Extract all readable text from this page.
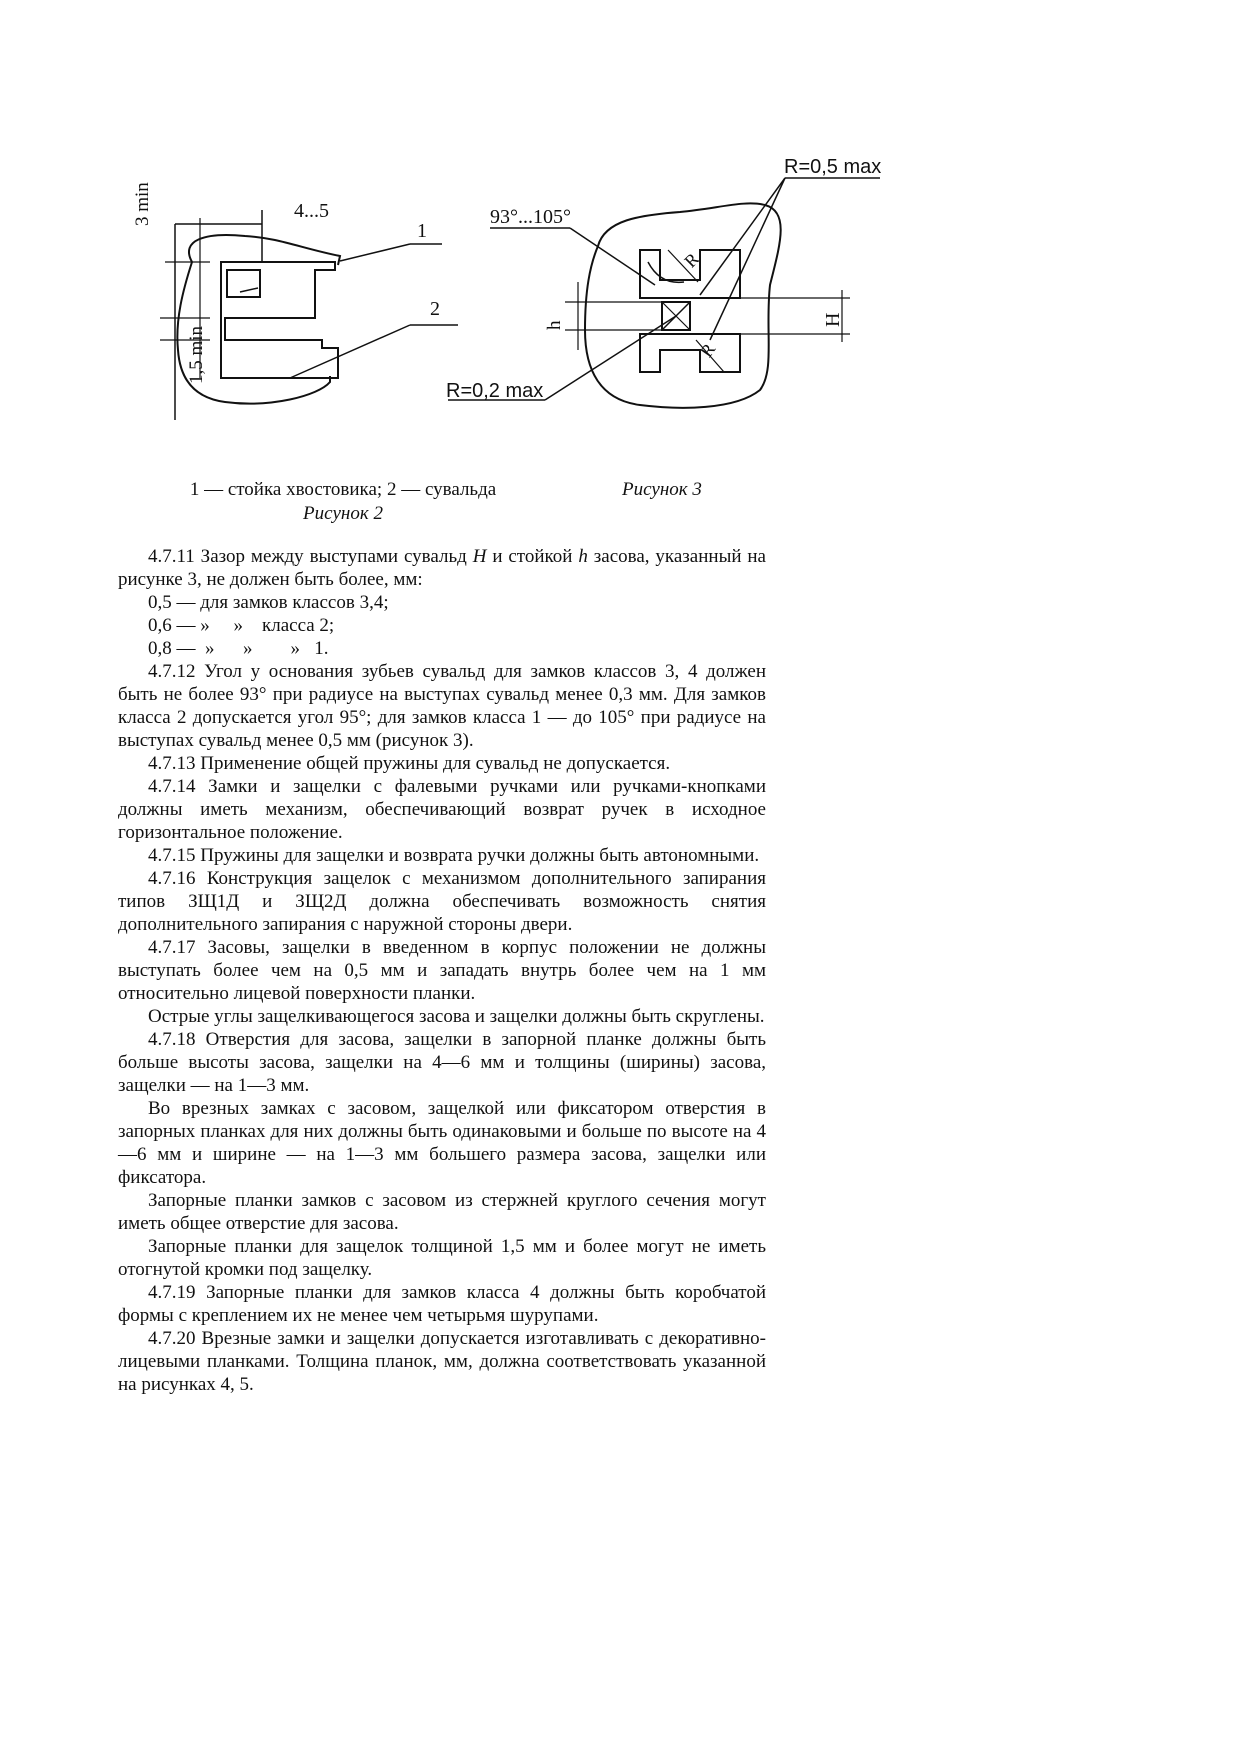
4...5
3 min
1,5 min
1
2
93°...105°
R=0,5 max
R=0,2 max
R
R
h	H
1 — стойка хвостовика; 2 — сувальда
Рисунок 2
Рисунок 3

4.7.11 Зазор между выступами сувальд H и стойкой h засова, указанный на рисунке 3, не должен быть более, мм:

0,5 — для замков классов 3,4;
0,6 — »     »    класса 2;
0,8 —  »      »        »   1.

4.7.12 Угол у основания зубьев сувальд для замков классов 3, 4 должен быть не более 93° при радиусе на выступах сувальд менее 0,3 мм. Для замков класса 2 допускается угол 95°; для замков класса 1 — до 105° при радиусе на выступах сувальд менее 0,5 мм (рисунок 3).

4.7.13 Применение общей пружины для сувальд не допускается.

4.7.14 Замки и защелки с фалевыми ручками или ручками-кнопками должны иметь механизм, обеспечивающий возврат ручек в исходное горизонтальное положение.

4.7.15 Пружины для защелки и возврата ручки должны быть автономными.

4.7.16 Конструкция защелок с механизмом дополнительного запирания типов ЗЩ1Д и ЗЩ2Д должна обеспечивать возможность снятия дополнительного запирания с наружной стороны двери.

4.7.17 Засовы, защелки в введенном в корпус положении не должны выступать более чем на 0,5 мм и западать внутрь более чем на 1 мм относительно лицевой поверхности планки.

Острые углы защелкивающегося засова и защелки должны быть скруглены.

4.7.18 Отверстия для засова, защелки в запорной планке должны быть больше высоты засова, защелки на 4—6 мм и толщины (ширины) засова, защелки — на 1—3 мм.

Во врезных замках с засовом, защелкой или фиксатором отверстия в запорных планках для них должны быть одинаковыми и больше по высоте на 4—6 мм и ширине — на 1—3 мм большего размера засова, защелки или фиксатора.

Запорные планки замков с засовом из стержней круглого сечения могут иметь общее отверстие для засова.

Запорные планки для защелок толщиной 1,5 мм и более могут не иметь отогнутой кромки под защелку.

4.7.19 Запорные планки для замков класса 4 должны быть коробчатой формы с креплением их не менее чем четырьмя шурупами.

4.7.20 Врезные замки и защелки допускается изготавливать с декоративно-лицевыми планками. Толщина планок, мм, должна соответствовать указанной на рисунках 4, 5.
